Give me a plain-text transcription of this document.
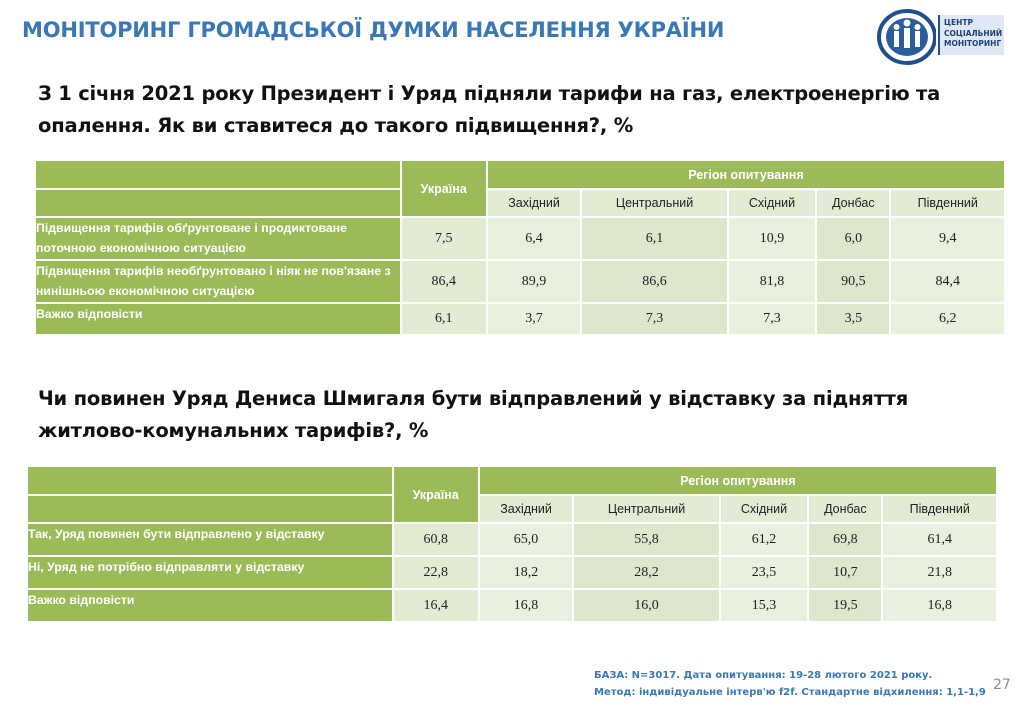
МОНІТОРИНГ ГРОМАДСЬКОЇ ДУМКИ НАСЕЛЕННЯ УКРАЇНИ	ЦЕНТР
СОЦІАЛЬНИЙ
МОНІТОРИНГ
З 1 січня 2021 року Президент і Уряд підняли тарифи на газ, електроенергію та опалення. Як ви ставитеся до такого підвищення?, %
	Україна	Регіон опитування				
		Західний	Центральний	Східний	Донбас	Південний
Підвищення тарифів обґрунтоване і продиктоване поточною економічною ситуацією	7,5	6,4	6,1	10,9	6,0	9,4
Підвищення тарифів необґрунтовано і ніяк не пов'язане з нинішньою економічною ситуацією	86,4	89,9	86,6	81,8	90,5	84,4
Важко відповісти	6,1	3,7	7,3	7,3	3,5	6,2
Чи повинен Уряд Дениса Шмигаля бути відправлений у відставку за підняття житлово-комунальних тарифів?, %
	Україна	Регіон опитування				
		Західний	Центральний	Східний	Донбас	Південний
Так, Уряд повинен бути відправлено у відставку	60,8	65,0	55,8	61,2	69,8	61,4
Ні, Уряд не потрібно відправляти у відставку	22,8	18,2	28,2	23,5	10,7	21,8
Важко відповісти	16,4	16,8	16,0	15,3	19,5	16,8
БАЗА: N=3017. Дата опитування: 19-28 лютого 2021 року.
Метод: індивідуальне інтерв'ю f2f. Стандартне відхилення: 1,1-1,9 27
